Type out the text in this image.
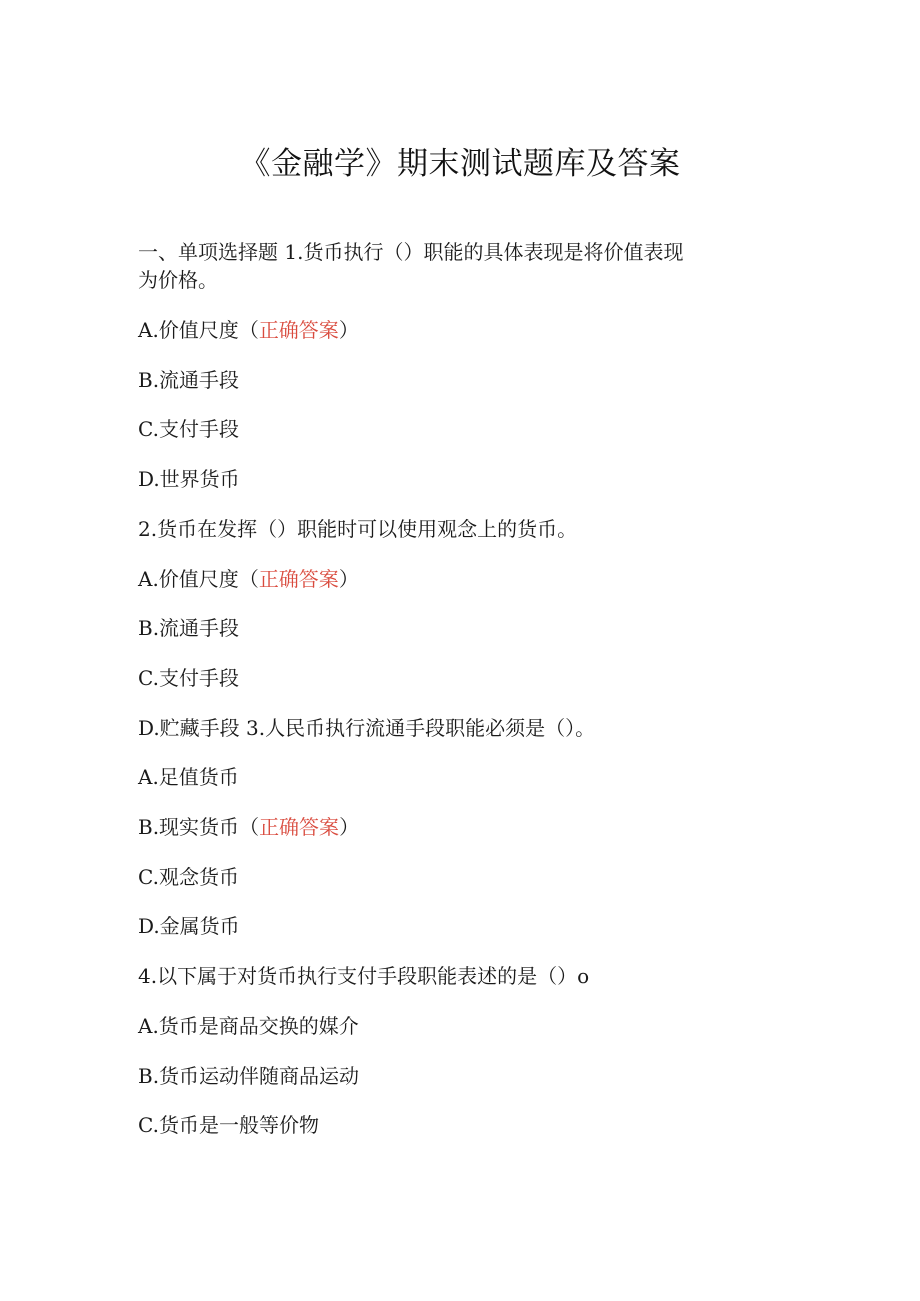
《金融学》期末测试题库及答案

一、单项选择题 1.货币执行（）职能的具体表现是将价值表现为价格。

A.价值尺度（正确答案）

B.流通手段

C.支付手段

D.世界货币

2.货币在发挥（）职能时可以使用观念上的货币。

A.价值尺度（正确答案）

B.流通手段

C.支付手段

D.贮藏手段 3.人民币执行流通手段职能必须是（）。

A.足值货币

B.现实货币（正确答案）

C.观念货币

D.金属货币

4.以下属于对货币执行支付手段职能表述的是（）o

A.货币是商品交换的媒介

B.货币运动伴随商品运动

C.货币是一般等价物
